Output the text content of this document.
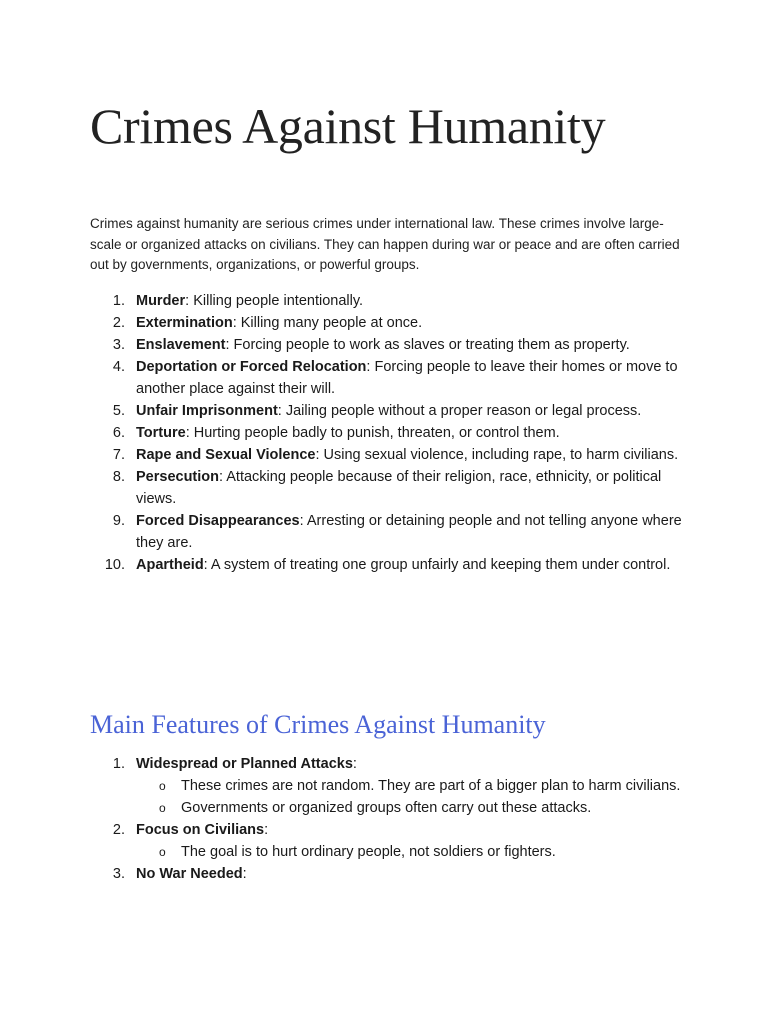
Crimes Against Humanity

Crimes against humanity are serious crimes under international law. These crimes involve large-scale or organized attacks on civilians. They can happen during war or peace and are often carried out by governments, organizations, or powerful groups.

1. Murder: Killing people intentionally.
2. Extermination: Killing many people at once.
3. Enslavement: Forcing people to work as slaves or treating them as property.
4. Deportation or Forced Relocation: Forcing people to leave their homes or move to another place against their will.
5. Unfair Imprisonment: Jailing people without a proper reason or legal process.
6. Torture: Hurting people badly to punish, threaten, or control them.
7. Rape and Sexual Violence: Using sexual violence, including rape, to harm civilians.
8. Persecution: Attacking people because of their religion, race, ethnicity, or political views.
9. Forced Disappearances: Arresting or detaining people and not telling anyone where they are.
10. Apartheid: A system of treating one group unfairly and keeping them under control.
Main Features of Crimes Against Humanity
1. Widespread or Planned Attacks:
o These crimes are not random. They are part of a bigger plan to harm civilians.
o Governments or organized groups often carry out these attacks.
2. Focus on Civilians:
o The goal is to hurt ordinary people, not soldiers or fighters.
3. No War Needed:
